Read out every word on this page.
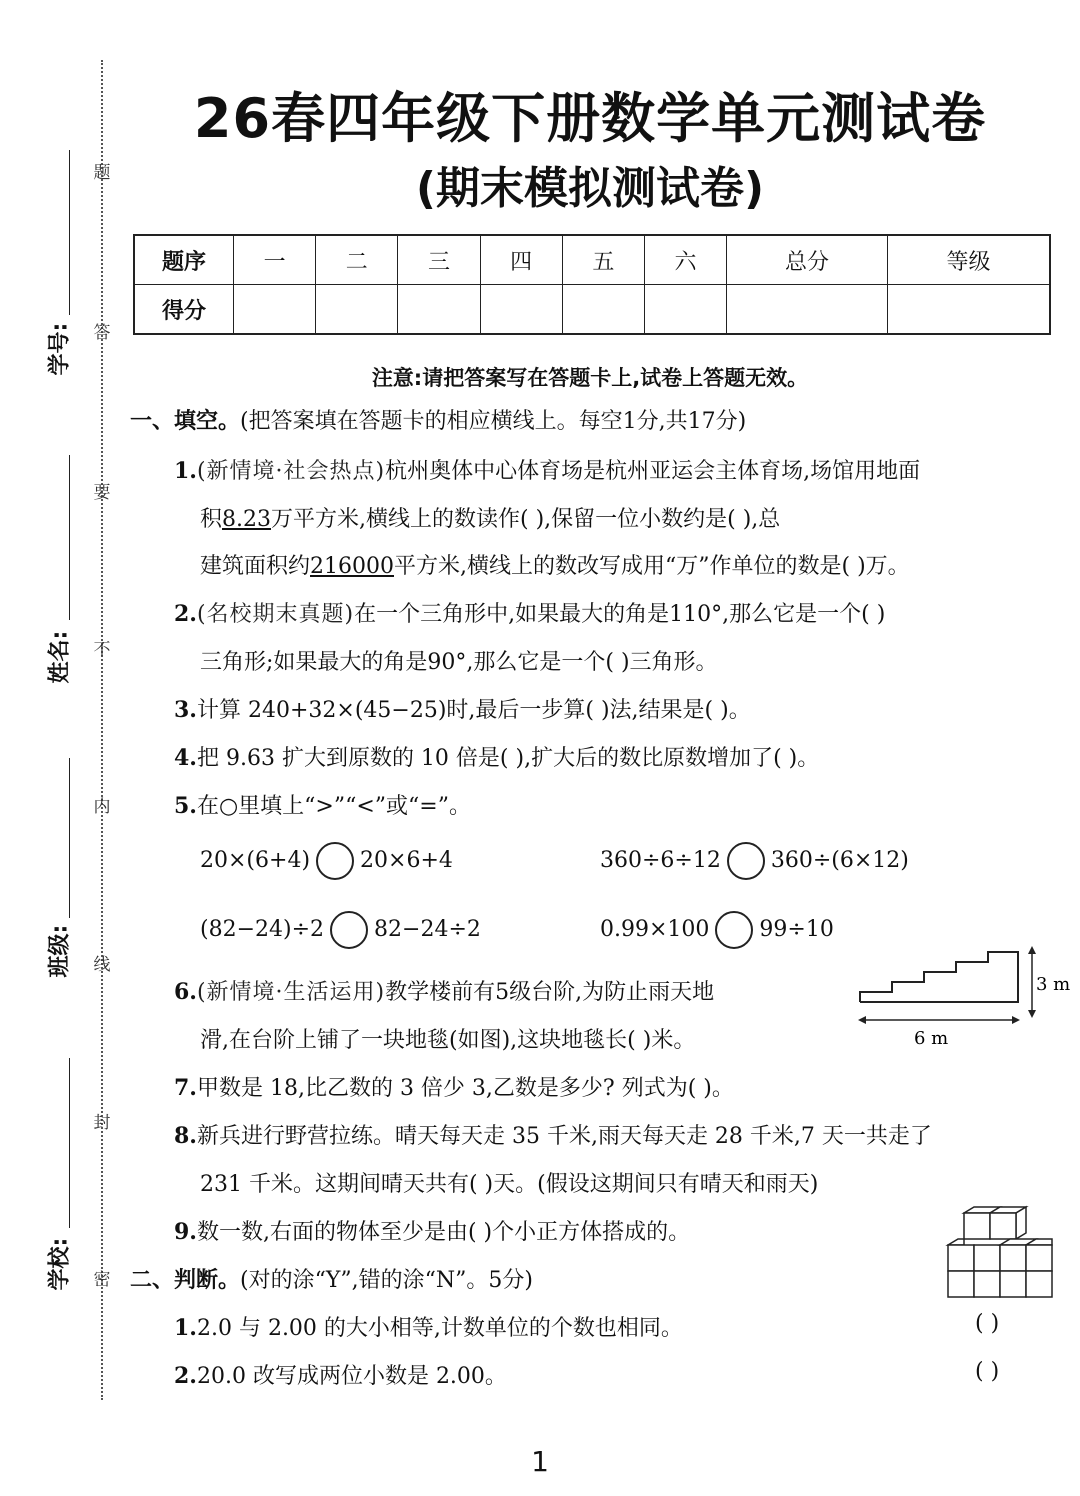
题
答
要
不
内
线
封
密
学号:
姓名:
班级:
学校:
26春四年级下册数学单元测试卷
(期末模拟测试卷)
题序	一	二	三	四	五	六	总分	等级
得分								
注意:请把答案写在答题卡上,试卷上答题无效。
一、填空。(把答案填在答题卡的相应横线上。每空1分,共17分)
1.(新情境·社会热点)杭州奥体中心体育场是杭州亚运会主体育场,场馆用地面
积8.23万平方米,横线上的数读作( ),保留一位小数约是( ),总
建筑面积约216000平方米,横线上的数改写成用“万”作单位的数是( )万。
2.(名校期末真题)在一个三角形中,如果最大的角是110°,那么它是一个( )
三角形;如果最大的角是90°,那么它是一个( )三角形。
3.计算 240+32×(45−25)时,最后一步算( )法,结果是( )。
4.把 9.63 扩大到原数的 10 倍是( ),扩大后的数比原数增加了( )。
5.在○里填上“>”“<”或“=”。
20×(6+4) 20×6+4	360÷6÷12 360÷(6×12)
(82−24)÷2 82−24÷2	0.99×100 99÷10
6.(新情境·生活运用)教学楼前有5级台阶,为防止雨天地
滑,在台阶上铺了一块地毯(如图),这块地毯长( )米。
3 m
6 m
7.甲数是 18,比乙数的 3 倍少 3,乙数是多少? 列式为( )。
8.新兵进行野营拉练。晴天每天走 35 千米,雨天每天走 28 千米,7 天一共走了
231 千米。这期间晴天共有( )天。(假设这期间只有晴天和雨天)
9.数一数,右面的物体至少是由( )个小正方体搭成的。
二、判断。(对的涂“Y”,错的涂“N”。5分)
1.2.0 与 2.00 的大小相等,计数单位的个数也相同。	( )
2.20.0 改写成两位小数是 2.00。	( )
1
